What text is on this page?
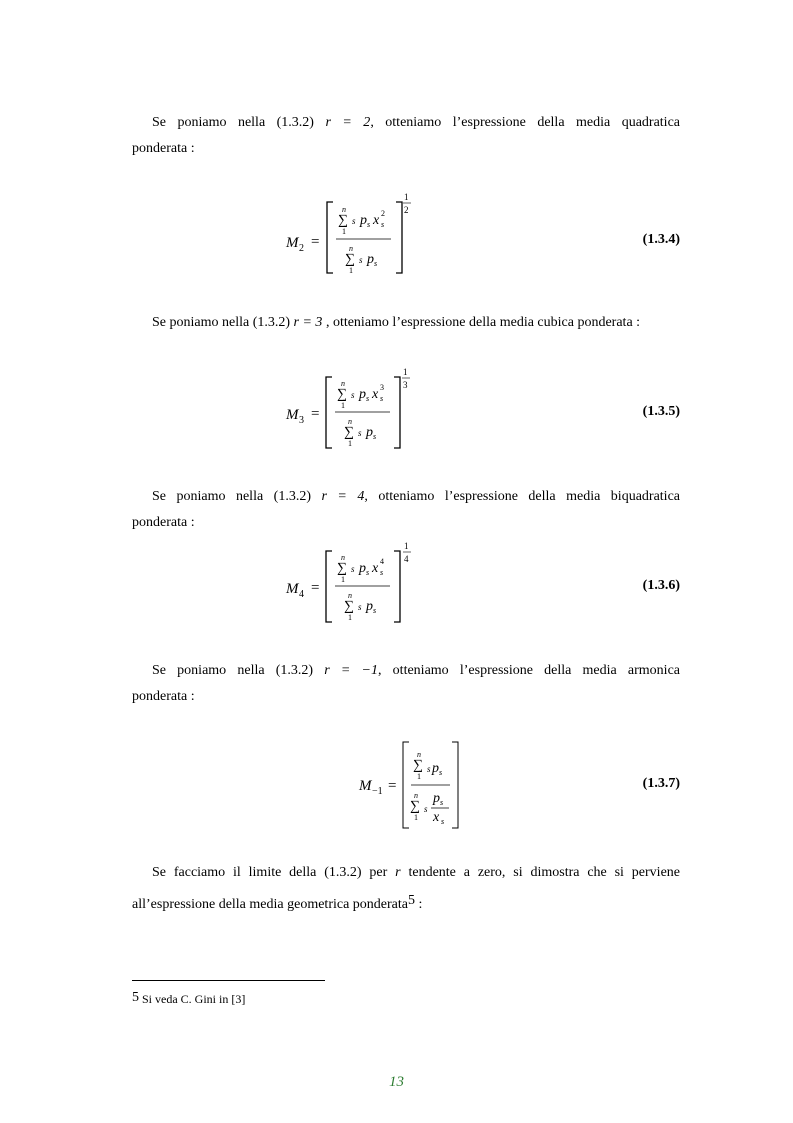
Se poniamo nella (1.3.2) r = 2, otteniamo l’espressione della media quadratica
ponderata :
M 2 =
1
2
n
∑
1
s p s x 2
s
n
∑
1
s p s
(1.3.4)
Se poniamo nella (1.3.2) r = 3 , otteniamo l’espressione della media cubica ponderata :
M 3 =
1
3
n
∑
1
s p s x 3
s
n
∑
1
s p s
(1.3.5)
Se poniamo nella (1.3.2) r = 4, otteniamo l’espressione della media biquadratica
ponderata :
M 4 =
1
4
n
∑
1
s p s x 4
s
n
∑
1
s p s
(1.3.6)
Se poniamo nella (1.3.2) r = −1, otteniamo l’espressione della media armonica
ponderata :
M −1 =
n
∑
1
s p s
n
∑
1
s
p s
x s
(1.3.7)
Se facciamo il limite della (1.3.2) per r tendente a zero, si dimostra che si perviene
all’espressione della media geometrica ponderata5 :
$^5$ Si veda C. Gini in [3]
13
